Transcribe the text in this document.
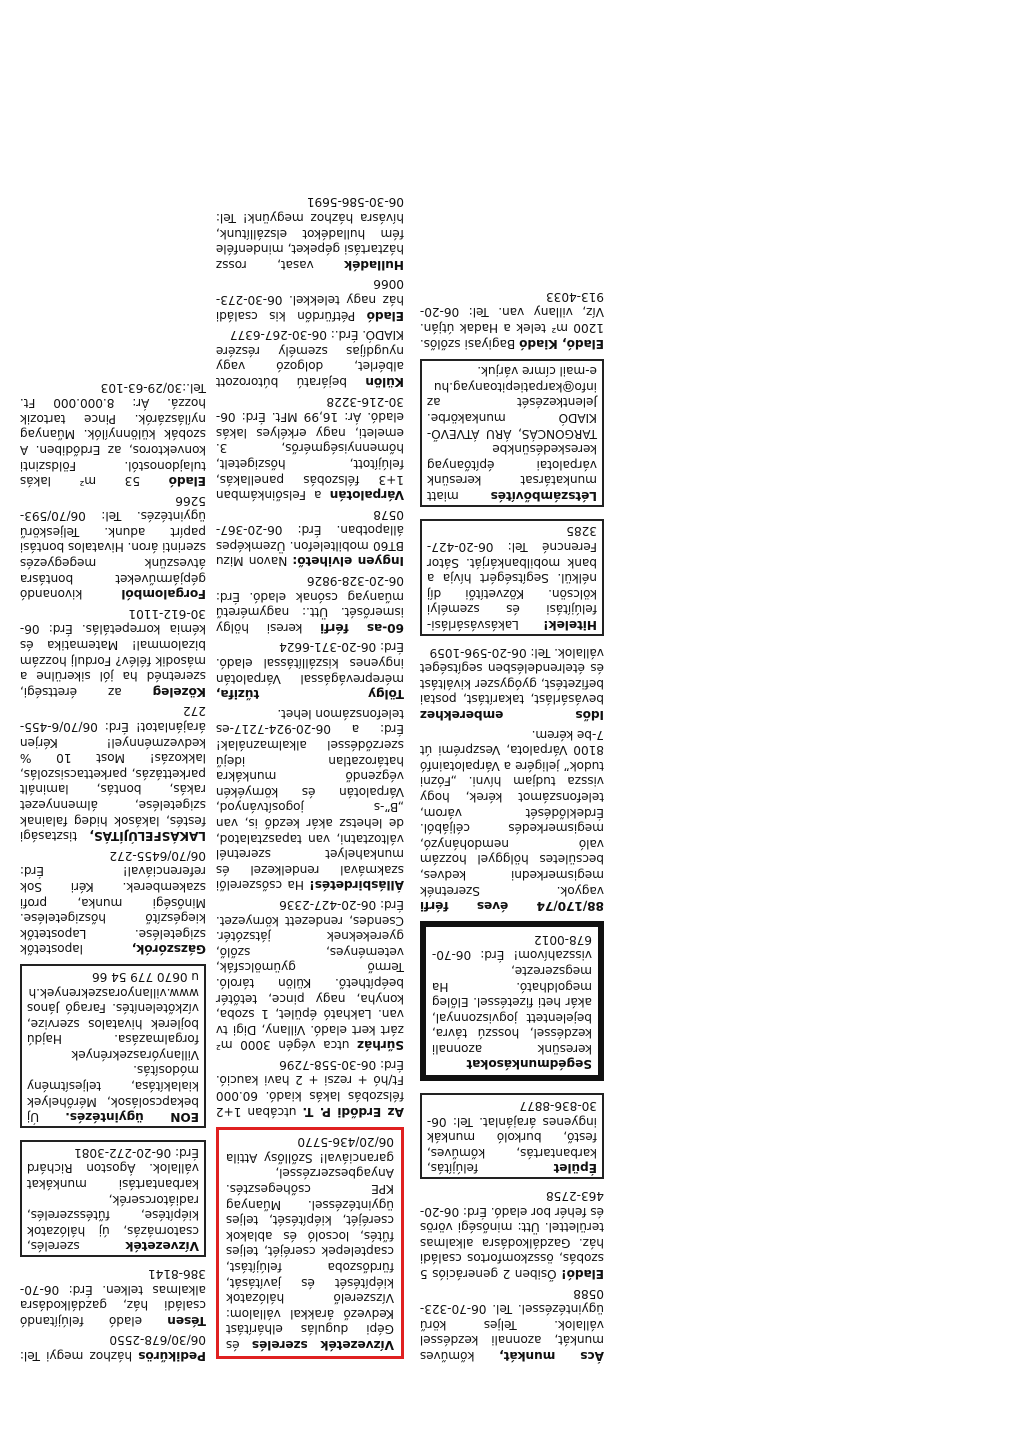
Ács munkát, kőműves munkát, azonnali kezdéssel vállalok. Teljes körű ügyintézéssel. Tel. 06-70-323-0588
Eladó! Ősiben 2 generációs 5 szobás, összkomfortos családi ház. Gazdálkodásra alkalmas területtel. Ütt: minőségi vörös és fehér bor eladó. Érd: 06-20-463-2758
Épület felújítás, karbantartás, kőműves, festő, burkoló munkák ingyenes árajánlat. Tel: 06-30-836-8877
Segédmunkásokat keresünk azonnali kezdéssel, hosszú távra, bejelentett jogviszonnyal, akár heti fizetéssel. Előleg megoldható. Ha megszerezte, visszahívom! Érd: 06-70-678-0012
88/170/74 éves férfi vagyok. Szeretnék megismerkedni kedves, becsületes hölggyel hozzám való nemdohányzó, megismerkedés céljából. Érdeklődését várom, telefonszámot kérek, hogy vissza tudjam hívni. „Fózni tudok” jeligére a Várpalotainfó 8100 Várpalota, Veszprémi út 7-be kérem.
Idős emberekhez bevásárlást, takarítást, postai befizetést, gyógyszer kiváltást és ételrendelésben segítséget vállalok. Tel: 06-20-596-1059
Hitelek! Lakásvásárlási-felújítási és személyi kölcsön. Közvetítői díj nélkül. Segítségért hívja a bank mobilbankárját. Sátor Ferencné Tel: 06-20-427-3285
Létszámbővítés miatt munkatársat keresünk várpalotai építőanyag kereskedésünkbe TARGONCÁS, ÁRU ÁTVEVŐ-KIADÓ munkakörbe. Jelentkezését az info@karpatiepitoanyag.hu e-mail címre várjuk.
Eladó, Kiadó Bagiyasi szőlős. 1200 m² telek a Hadak útján. Víz, villany van. Tel: 06-20-913-4033
Vízvezeték szerelés és Gépi dugulás elhárítást Kedvező árakkal vállalom: Vízszerelő hálózatok kiépítését és javítását, fürdőszoba felújítást, csaptelepek cseréjét, teljes fűtés, locsoló és ablakok cseréjét, kiépítését, teljes ügyintézéssel. Műanyag KPE csőhegesztés. Anyagbeszerzéssel, garanciával! Szőllősy Attila 06/20/436-5770
Az Erdődi P. T. utcában 1+2 félszobás lakás kiadó. 60.000 Ft/hó + rezsi + 2 havi kaució. Érd: 06-30-558-7296
Sűrház utca végén 3000 m² zárt kert eladó. Villany, Digi tv van. Lakható épület, 1 szoba, konyha, nagy pince, tetőtér beépíthető. Külön tároló. Termő gyümölcsfák, veteményes, szőlő, gyerekeknek játszótér. Csendes, rendezett környezet. Érd: 06-20-427-2336
Állásbirdetés! Ha csőszerelői szakmával rendelkezel és munkahelyet szeretnél változtatni, van tapasztalatod, de lehetsz akár kezdő is, van „B”-s jogosítványod, Várpalotán és környékén végzendő munkákra határozatlan idejű szerződéssel alkalmaználak! Érd: a 06-20-924-7217-es telefonszámon lehet.
Tölgy tűzifa, méreprevágással Várpalotán ingyenes kiszállítással eladó. Érd: 06-20-371-6624
60-as férfi keresi hölgy ismerősét. Ütt.: nagyméretű műanyag csónak eladó. Érd: 06-20-328-9826
Ingyen elvihető: Navon Mizu BT60 mobiltelefon. Üzemképes állapotban. Érd: 06-20-367-0578
Várpalotán a Felsőinkámban 1+3 félszobás panellakás, felújított, hőszigetelt, hőmennyiségmérős, 3. emeleti, nagy erkélyes lakás eladó. Ár: 16,99 MFt. Érd: 06-30-216-3228
Külön bejáratú bútorozott albérlet, dolgozó vagy nyugdíjas személy részére KIADÓ. Érd.: 06-30-267-6377
Eladó Pétfürdőn kis családi ház nagy telekkel. 06-30-273-0066
Hulladék vasat, rossz háztartási gépeket, mindenféle fém hulladékot elszállítunk, hívásra házhoz megyünk! Tel: 06-30-586-5691
Pedikűrös házhoz megyi Tel: 06/30/678-2550
Tésen eladó felújítandó családi ház, gazdálkodásra alkalmas telken. Érd: 06-70-386-8141
Vízvezeték szerelés, csatornázás, új hálózatok kiépítése, fűtésszerelés, radiátorcserék, karbantartási munkákat vállalok. Ágoston Richárd Érd: 06-20-272-3081
EON ügyintézés. Új bekapcsolások, Mérőhelyek kialakítása, teljesítmény módosítás. Villanyóraszekrények forgalmazása. Hajdú bojlerek hivatalos szervize, vízkőtelenítés. Faragó János www.villanyoraszekrenyek.hu 0670 779 54 66
Gázszórók, lapostetők szigetelése. Lapostetők kiegészítő hőszigetelése. Minőségi munka, profi szakemberek. Kéri Sok referenciával! Érd: 06/70/6455-272
LAKÁSFELÚJÍTÁS, tisztasági festés, lakások hideg falainak szigetelése, álmennyezet rakás, bontás, laminált parkettázás, parkettacsiszolás, lakkozás! Most 10 % kedvezménnyel! Kérjen árajánlatot! Érd: 06/70/6-455-272
Közeleg az érettségi, szeretnéd ha jól sikerülne a második félév? Fordulj hozzám bizalommal! Matematika és kémia korrepetálás. Érd: 06-30-612-1101
Forgalomból kivonandó gépjárműveket bontásra átveszünk megegyezés szerinti áron. Hivatalos bontási papírt adunk. Teljeskörű ügyintézés. Tel: 06/70/593-5266
Eladó 53 m² lakás tulajdonostól. Földszinti konvektoros, az Erdődiben. A szobák különnyílók. Műanyag nyílászárók. Pince tartozik hozzá. Ár: 8.000.000 Ft. Tel.:30/29-63-103
